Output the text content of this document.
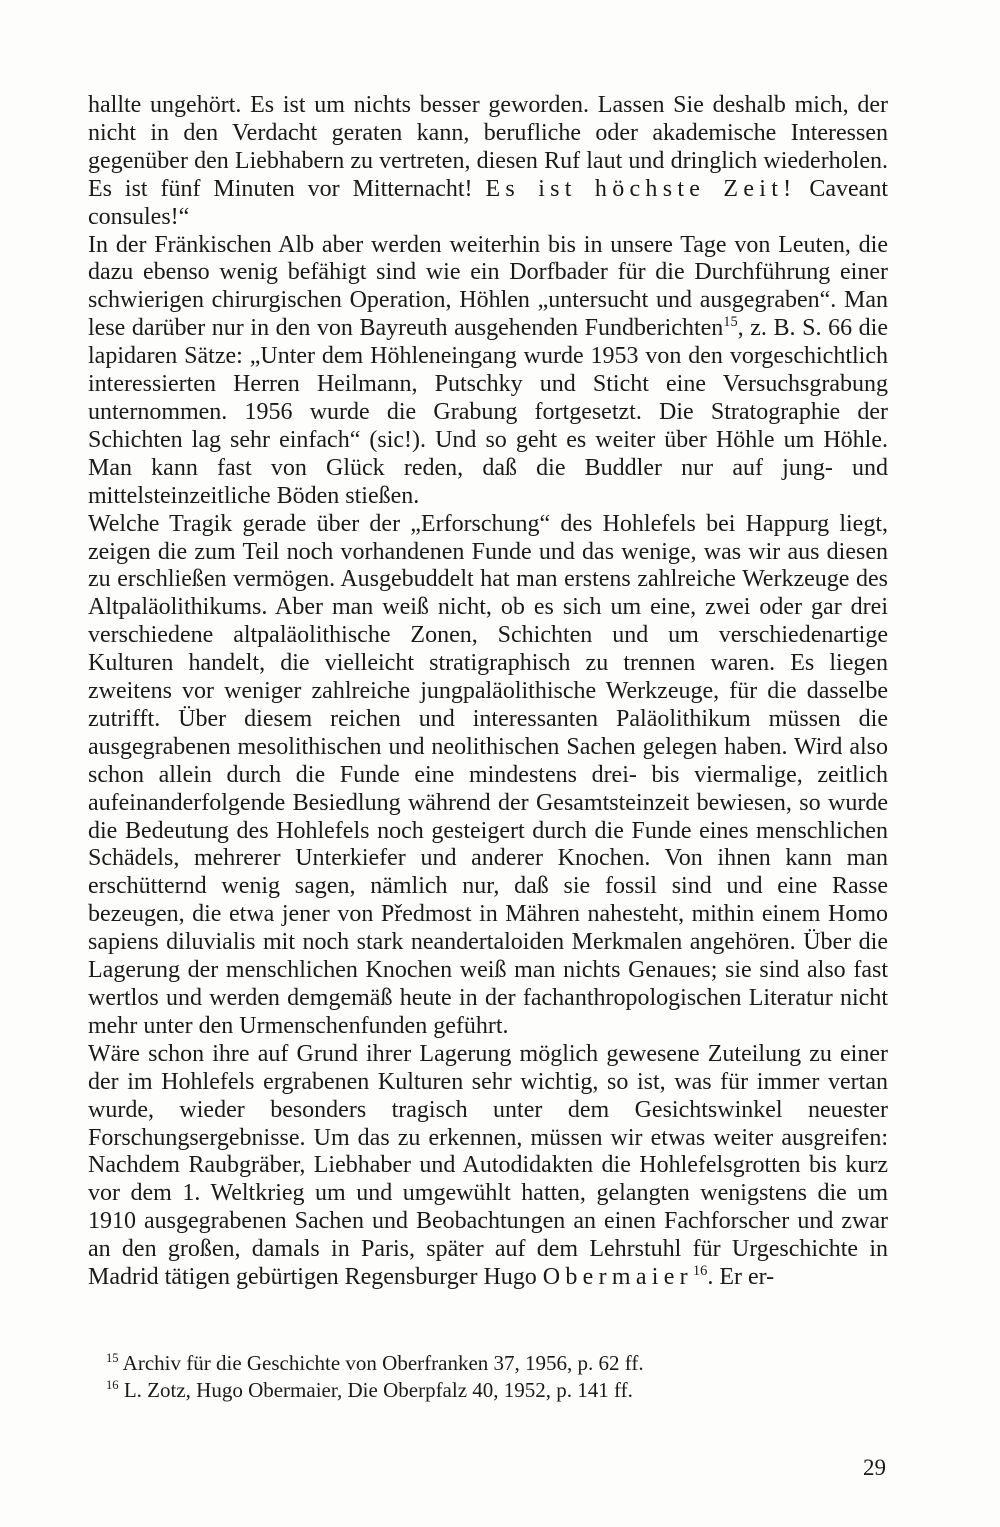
hallte ungehört. Es ist um nichts besser geworden. Lassen Sie deshalb mich, der nicht in den Verdacht geraten kann, berufliche oder akademische Interessen gegenüber den Liebhabern zu vertreten, diesen Ruf laut und dringlich wiederholen. Es ist fünf Minuten vor Mitternacht! Es ist höchste Zeit! Caveant consules!“

In der Fränkischen Alb aber werden weiterhin bis in unsere Tage von Leuten, die dazu ebenso wenig befähigt sind wie ein Dorfbader für die Durchführung einer schwierigen chirurgischen Operation, Höhlen „untersucht und ausgegraben“. Man lese darüber nur in den von Bayreuth ausgehenden Fundberichten$^{15}$, z. B. S. 66 die lapidaren Sätze: „Unter dem Höhleneingang wurde 1953 von den vorgeschichtlich interessierten Herren Heilmann, Putschky und Sticht eine Versuchsgrabung unternommen. 1956 wurde die Grabung fortgesetzt. Die Stratographie der Schichten lag sehr einfach“ (sic!). Und so geht es weiter über Höhle um Höhle. Man kann fast von Glück reden, daß die Buddler nur auf jung- und mittelsteinzeitliche Böden stießen.

Welche Tragik gerade über der „Erforschung“ des Hohlefels bei Happurg liegt, zeigen die zum Teil noch vorhandenen Funde und das wenige, was wir aus diesen zu erschließen vermögen. Ausgebuddelt hat man erstens zahlreiche Werkzeuge des Altpaläolithikums. Aber man weiß nicht, ob es sich um eine, zwei oder gar drei verschiedene altpaläolithische Zonen, Schichten und um verschiedenartige Kulturen handelt, die vielleicht stratigraphisch zu trennen waren. Es liegen zweitens vor weniger zahlreiche jungpaläolithische Werkzeuge, für die dasselbe zutrifft. Über diesem reichen und interessanten Paläolithikum müssen die ausgegrabenen mesolithischen und neolithischen Sachen gelegen haben. Wird also schon allein durch die Funde eine mindestens drei- bis viermalige, zeitlich aufeinanderfolgende Besiedlung während der Gesamtsteinzeit bewiesen, so wurde die Bedeutung des Hohlefels noch gesteigert durch die Funde eines menschlichen Schädels, mehrerer Unterkiefer und anderer Knochen. Von ihnen kann man erschütternd wenig sagen, nämlich nur, daß sie fossil sind und eine Rasse bezeugen, die etwa jener von Předmost in Mähren nahesteht, mithin einem Homo sapiens diluvialis mit noch stark neandertaloiden Merkmalen angehören. Über die Lagerung der menschlichen Knochen weiß man nichts Genaues; sie sind also fast wertlos und werden demgemäß heute in der fachanthropologischen Literatur nicht mehr unter den Urmenschenfunden geführt.

Wäre schon ihre auf Grund ihrer Lagerung möglich gewesene Zuteilung zu einer der im Hohlefels ergrabenen Kulturen sehr wichtig, so ist, was für immer vertan wurde, wieder besonders tragisch unter dem Gesichtswinkel neuester Forschungsergebnisse. Um das zu erkennen, müssen wir etwas weiter ausgreifen: Nachdem Raubgräber, Liebhaber und Autodidakten die Hohlefelsgrotten bis kurz vor dem 1. Weltkrieg um und umgewühlt hatten, gelangten wenigstens die um 1910 ausgegrabenen Sachen und Beobachtungen an einen Fachforscher und zwar an den großen, damals in Paris, später auf dem Lehrstuhl für Urgeschichte in Madrid tätigen gebürtigen Regensburger Hugo Obermaier$^{16}$. Er er-

$^{15}$ Archiv für die Geschichte von Oberfranken 37, 1956, p. 62 ff.

$^{16}$ L. Zotz, Hugo Obermaier, Die Oberpfalz 40, 1952, p. 141 ff.

29
